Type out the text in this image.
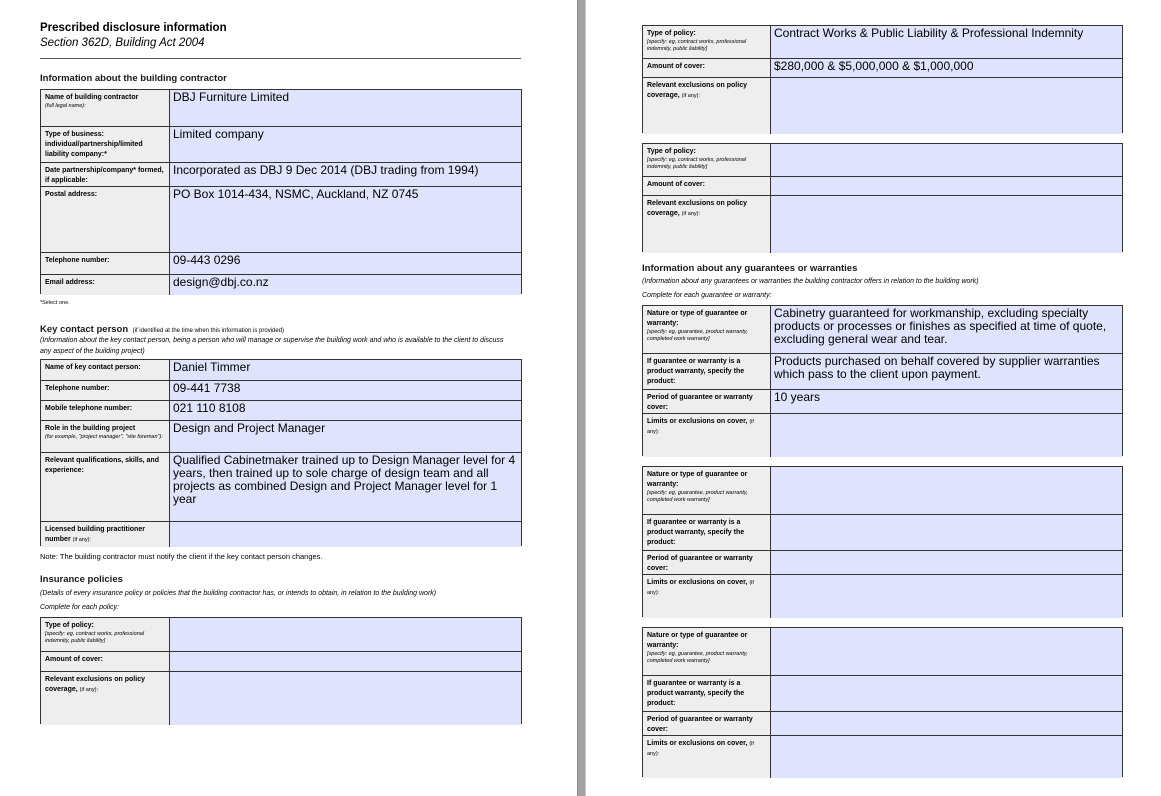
Prescribed disclosure information
Section 362D, Building Act 2004
Information about the building contractor
Name of building contractor
(full legal name):
DBJ Furniture Limited
Type of business: individual/partnership/limited liability company:*
Limited company
Date partnership/company* formed, if applicable:
Incorporated as DBJ 9 Dec 2014 (DBJ trading from 1994)
Postal address:	PO Box 1014-434, NSMC, Auckland, NZ 0745
Telephone number:	09-443 0296
Email address:	design@dbj.co.nz
*Select one.
Key contact person (if identified at the time when this information is provided)
(Information about the key contact person, being a person who will manage or supervise the building work and who is available to the client to discuss any aspect of the building project)
Name of key contact person:	Daniel Timmer
Telephone number:	09-441 7738
Mobile telephone number:	021 110 8108
Role in the building project
(for example, "project manager", "site foreman"):
Design and Project Manager
Relevant qualifications, skills, and experience:
Qualified Cabinetmaker trained up to Design Manager level for 4 years, then trained up to sole charge of design team and all projects as combined Design and Project Manager level for 1 year
Licensed building practitioner number (if any):
Note: The building contractor must notify the client if the key contact person changes.
Insurance policies
(Details of every insurance policy or policies that the building contractor has, or intends to obtain, in relation to the building work)
Complete for each policy:
Type of policy:
[specify: eg, contract works, professional indemnity, public liability]
Amount of cover:
Relevant exclusions on policy coverage, (if any):
Type of policy:
[specify: eg, contract works, professional indemnity, public liability]
Contract Works & Public Liability & Professional Indemnity
Amount of cover:	$280,000 & $5,000,000 & $1,000,000
Relevant exclusions on policy coverage, (if any):
Type of policy:
[specify: eg, contract works, professional indemnity, public liability]
Amount of cover:
Relevant exclusions on policy coverage, (if any):
Information about any guarantees or warranties
(Information about any guarantees or warranties the building contractor offers in relation to the building work)
Complete for each guarantee or warranty:
Nature or type of guarantee or warranty:
[specify: eg, guarantee, product warranty, completed work warranty]
Cabinetry guaranteed for workmanship, excluding specialty products or processes or finishes as specified at time of quote, excluding general wear and tear.
If guarantee or warranty is a product warranty, specify the product:
Products purchased on behalf covered by supplier warranties which pass to the client upon payment.
Period of guarantee or warranty cover:
10 years
Limits or exclusions on cover, (if any):
Nature or type of guarantee or warranty:
[specify: eg, guarantee, product warranty, completed work warranty]
If guarantee or warranty is a product warranty, specify the product:
Period of guarantee or warranty cover:
Limits or exclusions on cover, (if any):
Nature or type of guarantee or warranty:
[specify: eg, guarantee, product warranty, completed work warranty]
If guarantee or warranty is a product warranty, specify the product:
Period of guarantee or warranty cover:
Limits or exclusions on cover, (if any):
